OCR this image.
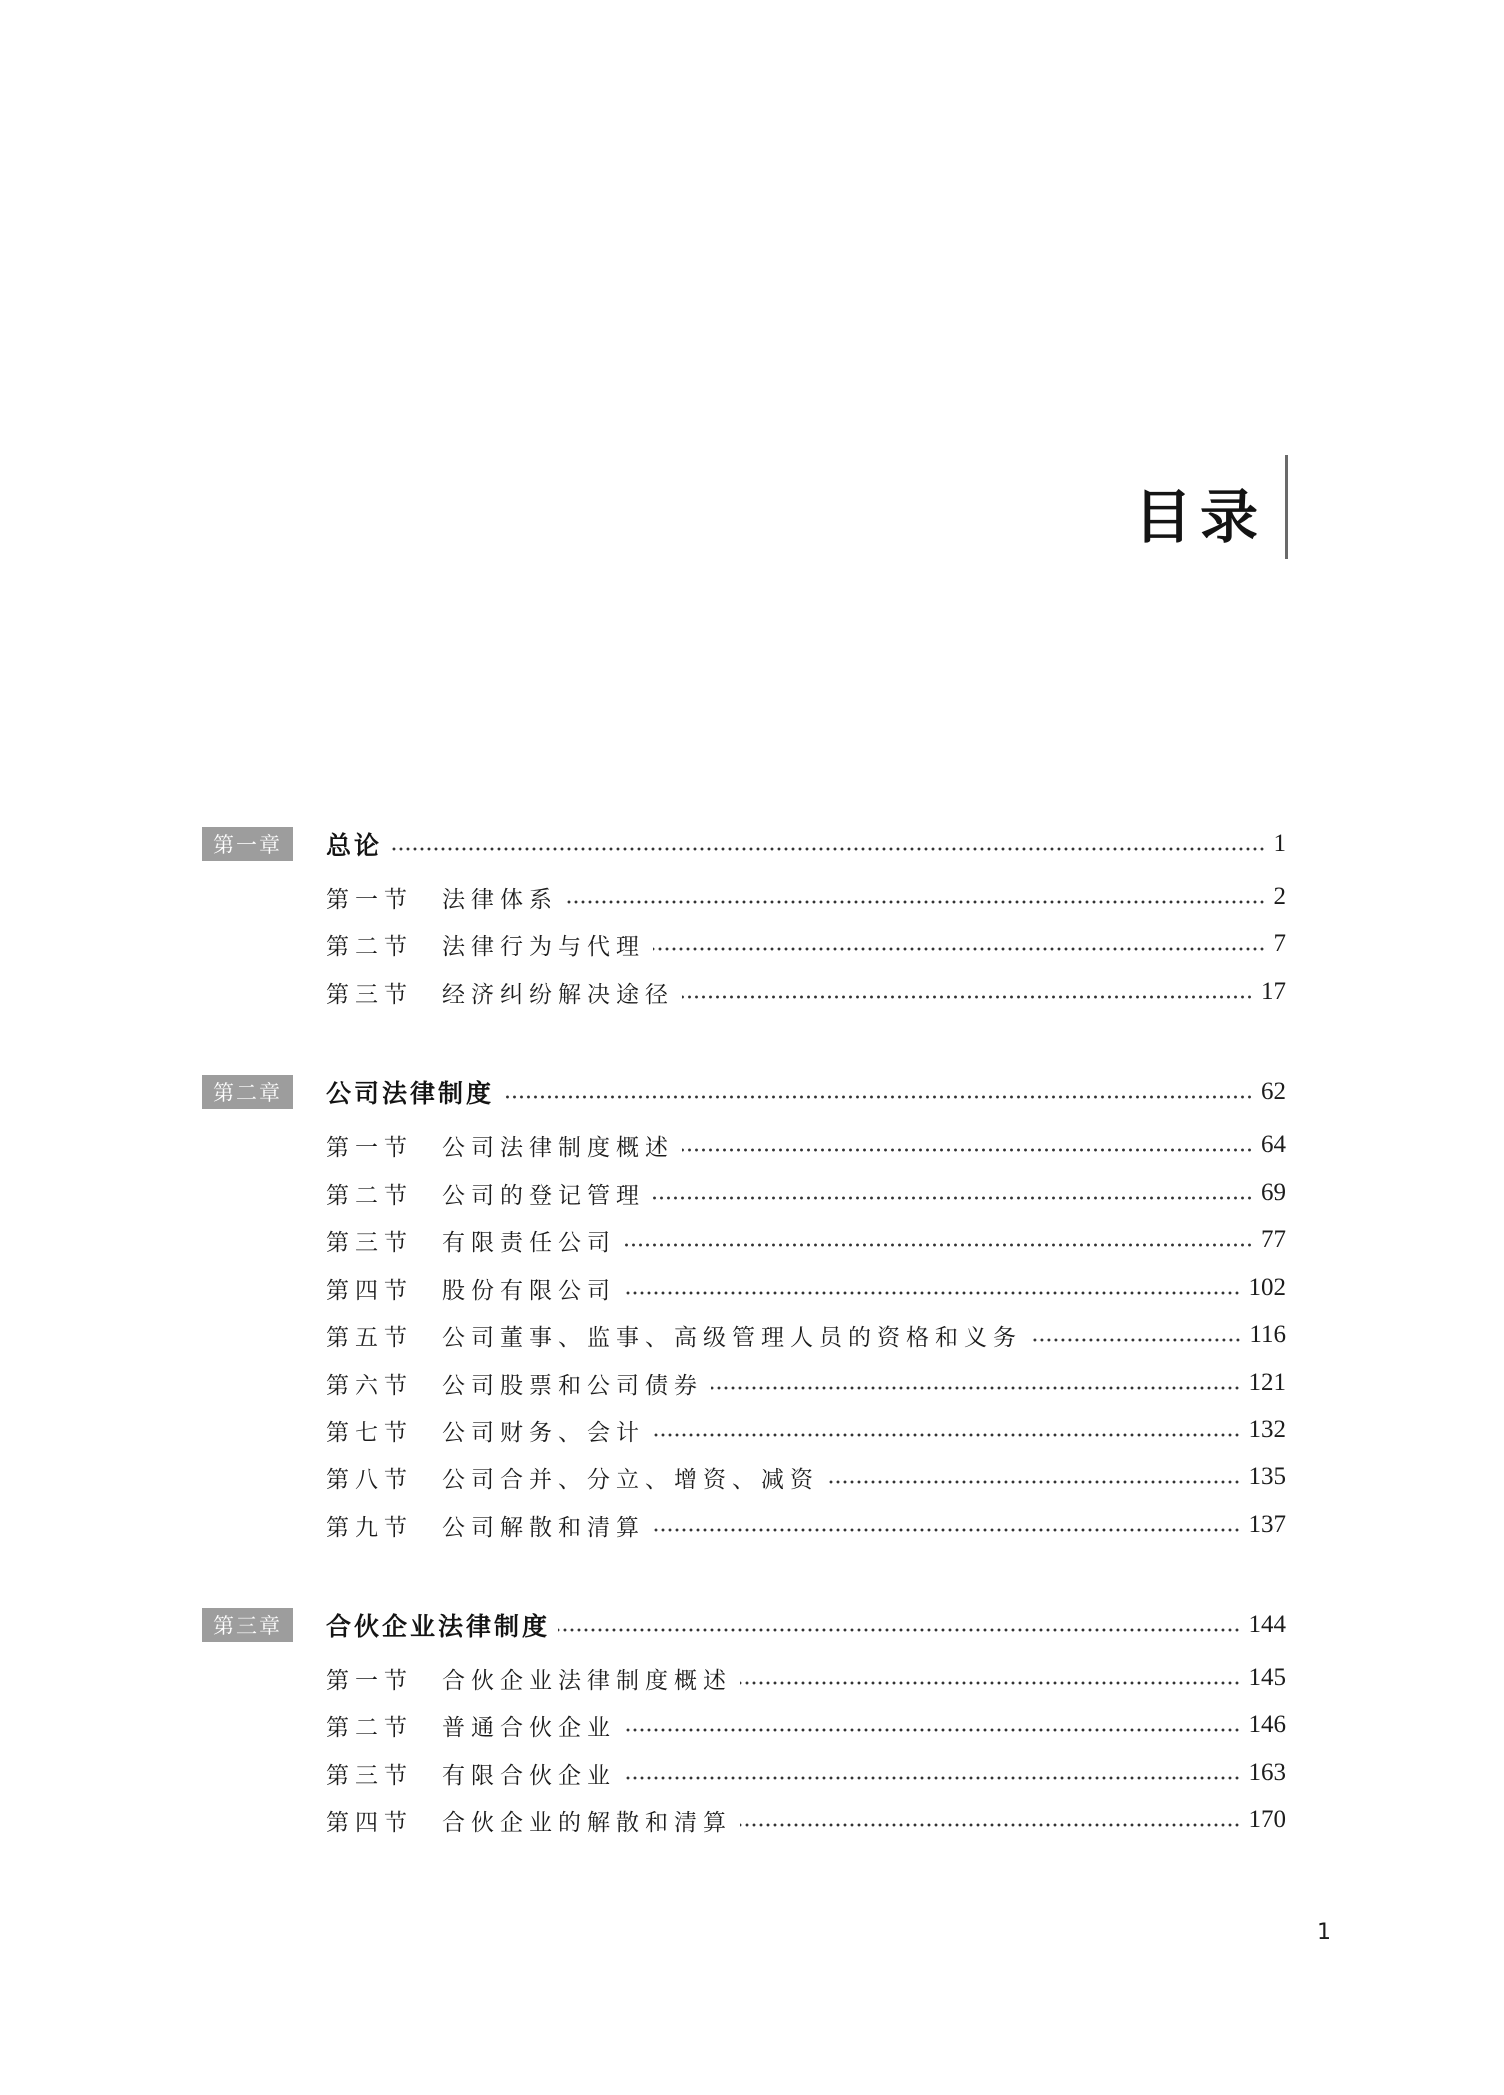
目录
第一章	总论	1
第一节	法律体系	2
第二节	法律行为与代理	7
第三节	经济纠纷解决途径	17
第二章	公司法律制度	62
第一节	公司法律制度概述	64
第二节	公司的登记管理	69
第三节	有限责任公司	77
第四节	股份有限公司	102
第五节	公司董事、监事、高级管理人员的资格和义务	116
第六节	公司股票和公司债券	121
第七节	公司财务、会计	132
第八节	公司合并、分立、增资、减资	135
第九节	公司解散和清算	137
第三章	合伙企业法律制度	144
第一节	合伙企业法律制度概述	145
第二节	普通合伙企业	146
第三节	有限合伙企业	163
第四节	合伙企业的解散和清算	170
1
